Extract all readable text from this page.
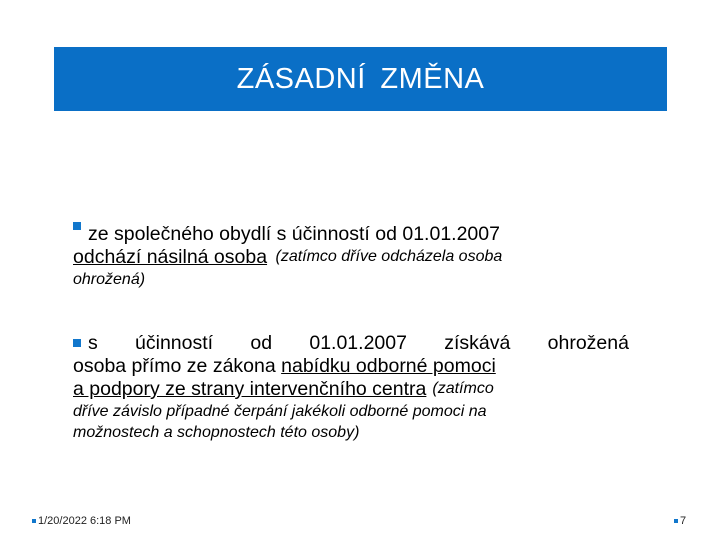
ZÁSADNÍ ZMĚNA
ze společného obydlí s účinností od 01.01.2007
odchází násilná osoba
(zatímco dříve odcházela osoba
ohrožená)
s účinností od 01.01.2007 získává ohrožená
osoba přímo ze zákona nabídku odborné pomoci
a podpory ze strany intervenčního centra (zatímco
dříve závislo případné čerpání jakékoli odborné pomoci na
možnostech a schopnostech této osoby)
1/20/2022 6:18 PM	7
